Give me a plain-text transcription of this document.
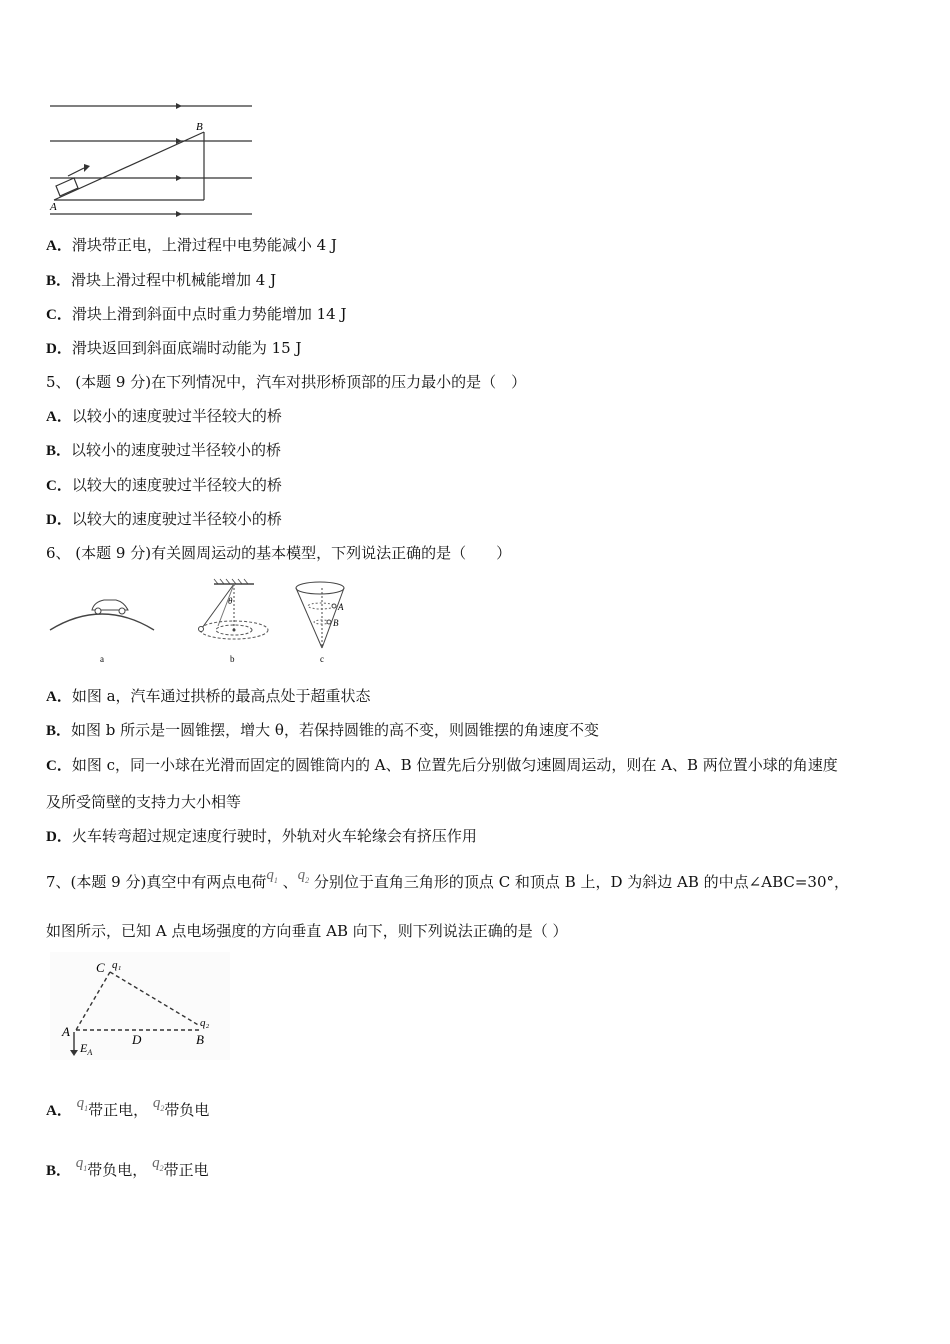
A
B
A．滑块带正电，上滑过程中电势能减小 4 J
B．滑块上滑过程中机械能增加 4 J
C．滑块上滑到斜面中点时重力势能增加 14 J
D．滑块返回到斜面底端时动能为 15 J
5、 (本题 9 分)在下列情况中，汽车对拱形桥顶部的压力最小的是（　）
A．以较小的速度驶过半径较大的桥
B．以较小的速度驶过半径较小的桥
C．以较大的速度驶过半径较大的桥
D．以较大的速度驶过半径较小的桥
6、 (本题 9 分)有关圆周运动的基本模型，下列说法正确的是（　　）
a
θ
b
A
B
c
A．如图 a，汽车通过拱桥的最高点处于超重状态
B．如图 b 所示是一圆锥摆，增大 θ，若保持圆锥的高不变，则圆锥摆的角速度不变
C．如图 c，同一小球在光滑而固定的圆锥筒内的 A、B 位置先后分别做匀速圆周运动，则在 A、B 两位置小球的角速度
及所受筒壁的支持力大小相等
D．火车转弯超过规定速度行驶时，外轨对火车轮缘会有挤压作用
7、(本题 9 分)真空中有两点电荷$q_1$ 、$q_2$ 分别位于直角三角形的顶点 C 和顶点 B 上，D 为斜边 AB 的中点∠ABC=30°，
如图所示，已知 A 点电场强度的方向垂直 AB 向下，则下列说法正确的是（ ）
C q₁
q₂
A
D	B
$E_A$
A． $q_1$带正电， $q_2$带负电
B． $q_1$带负电， $q_2$带正电
